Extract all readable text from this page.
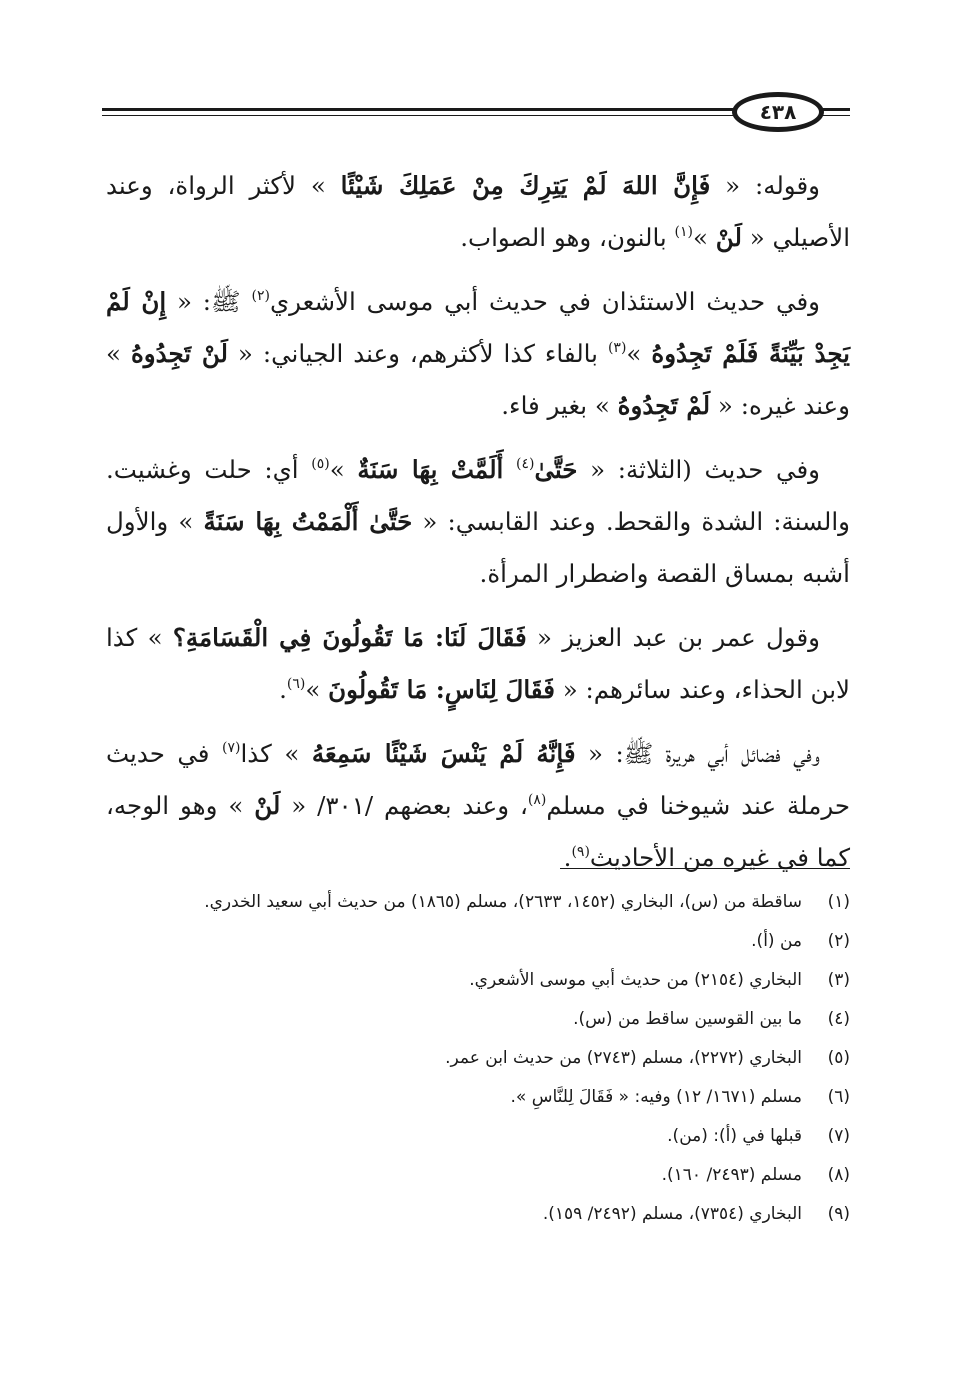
٤٣٨

وقوله: « فَإِنَّ اللهَ لَمْ يَتِرِكَ مِنْ عَمَلِكَ شَيْئًا » لأكثر الرواة، وعند الأصيلي « لَنْ »$^{(١)}$ بالنون، وهو الصواب.

وفي حديث الاستئذان في حديث أبي موسى الأشعري$^{(٢)}$ ﷺ: « إِنْ لَمْ يَجِدْ بَيِّنَةً فَلَمْ تَجِدُوهُ »$^{(٣)}$ بالفاء كذا لأكثرهم، وعند الجياني: « لَنْ تَجِدُوهُ » وعند غيره: « لَمْ تَجِدُوهُ » بغير فاء.

وفي حديث (الثلاثة: « حَتَّىٰ$^{(٤)}$ أَلَمَّتْ بِهَا سَنَةٌ »$^{(٥)}$ أي: حلت وغشيت. والسنة: الشدة والقحط. وعند القابسي: « حَتَّىٰ أَلْمَمْتُ بِهَا سَنَةً » والأول أشبه بمساق القصة واضطرار المرأة.

وقول عمر بن عبد العزيز « فَقَالَ لَنَا: مَا تَقُولُونَ فِي الْقَسَامَةِ؟ » كذا لابن الحذاء، وعند سائرهم: « فَقَالَ لِنَاسٍ: مَا تَقُولُونَ »$^{(٦)}$.

وفي فضائل أبي هريرة ﷺ: « فَإِنَّهُ لَمْ يَنْسَ شَيْئًا سَمِعَهُ » كذا$^{(٧)}$ في حديث حرملة عند شيوخنا في مسلم$^{(٨)}$، وعند بعضهم /٣٠١/ « لَنْ » وهو الوجه، كما في غيره من الأحاديث$^{(٩)}$.

(١)
ساقطة من (س)، البخاري (١٤٥٢، ٢٦٣٣)، مسلم (١٨٦٥) من حديث أبي سعيد الخدري.
(٢)
من (أ).
(٣)
البخاري (٢١٥٤) من حديث أبي موسى الأشعري.
(٤)
ما بين القوسين ساقط من (س).
(٥)
البخاري (٢٢٧٢)، مسلم (٢٧٤٣) من حديث ابن عمر.
(٦)
مسلم (١٦٧١/ ١٢) وفيه: « فَقَالَ لِلنَّاسِ ».
(٧)
قبلها في (أ): (من).
(٨)
مسلم (٢٤٩٣/ ١٦٠).
(٩)
البخاري (٧٣٥٤)، مسلم (٢٤٩٢/ ١٥٩).
